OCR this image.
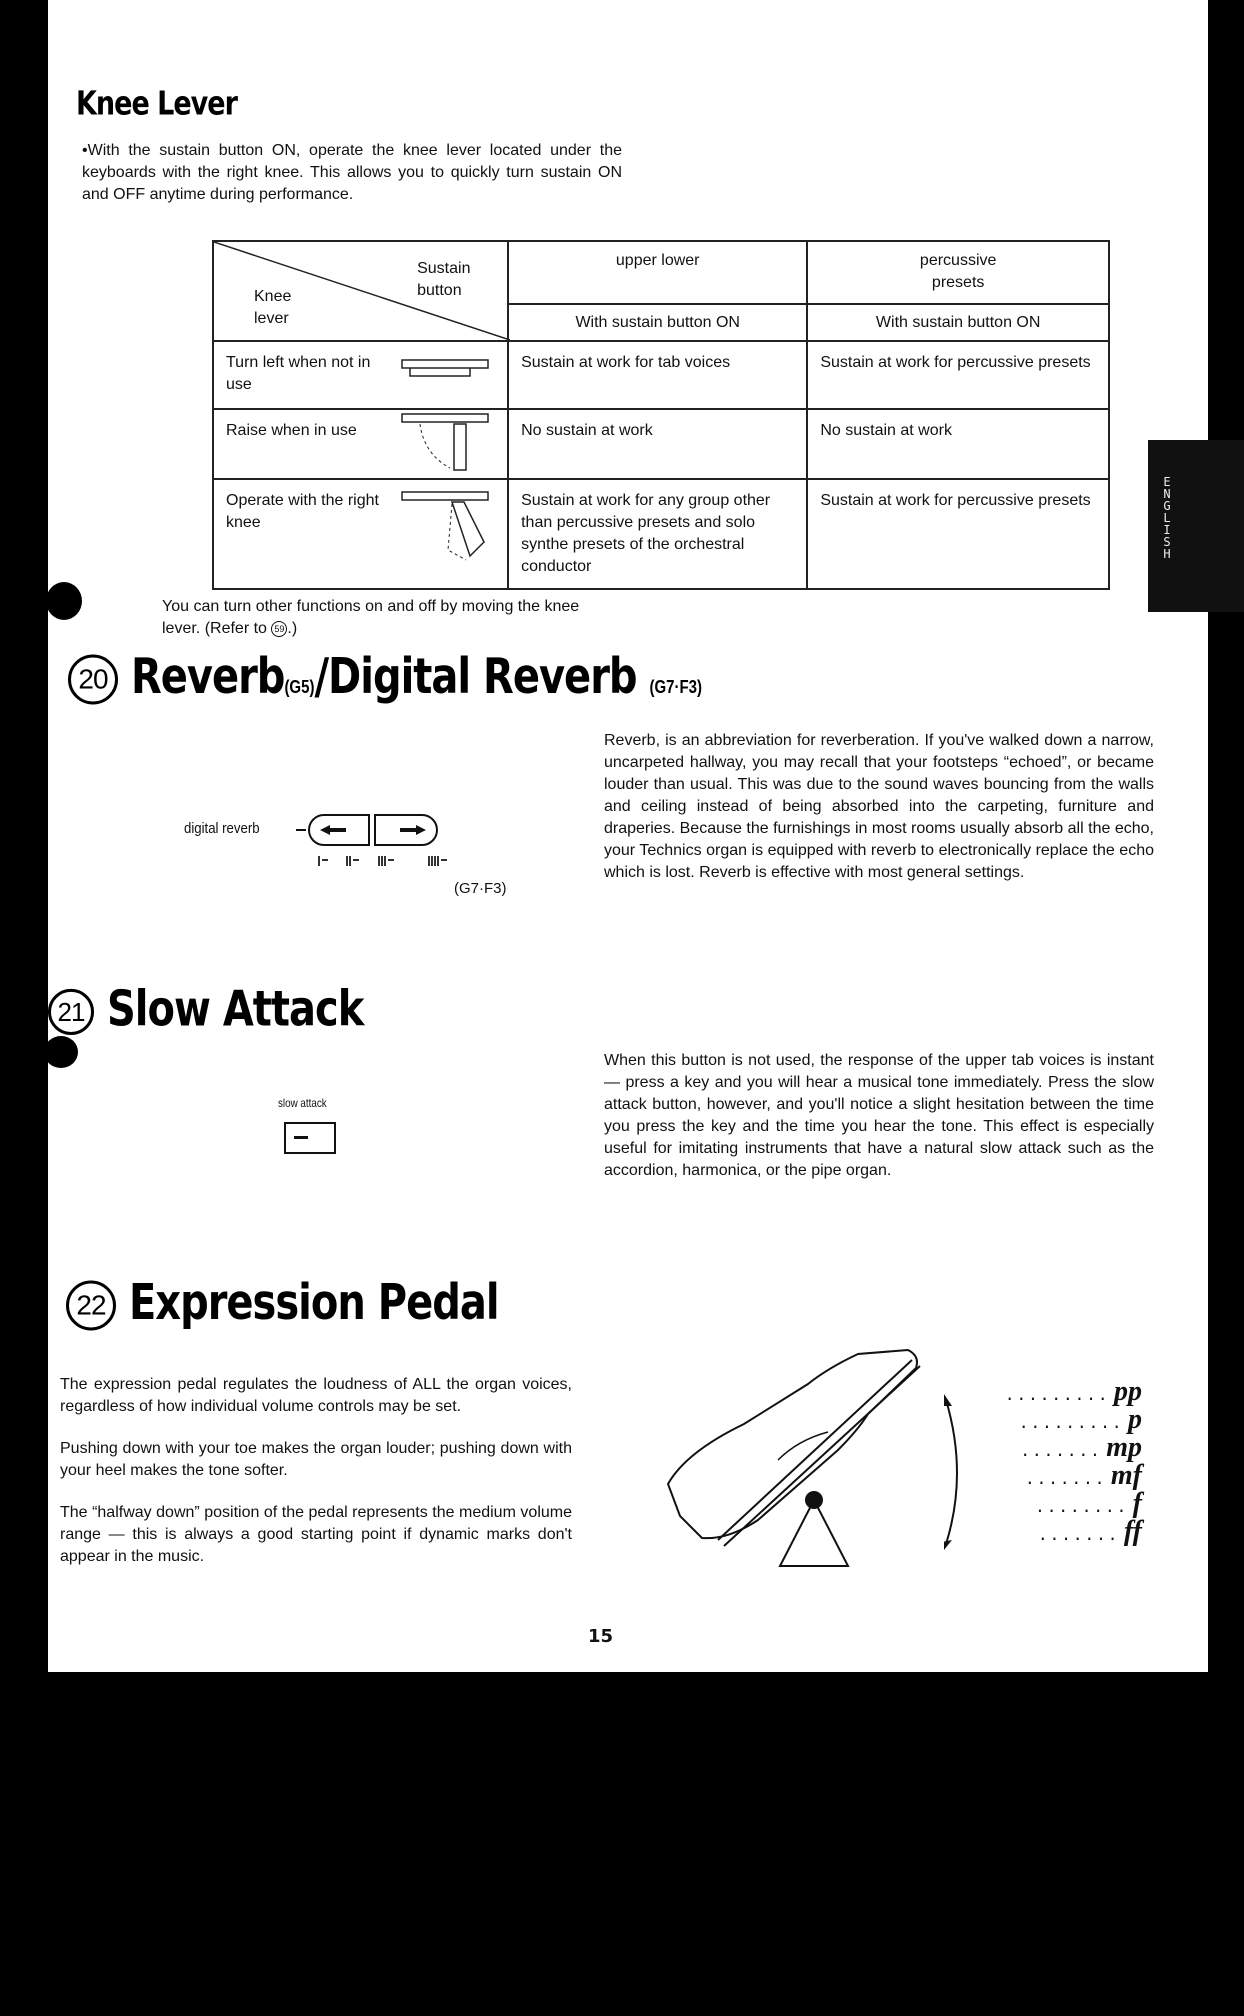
Knee Lever

•With the sustain button ON, operate the knee lever located under the keyboards with the right knee. This allows you to quickly turn sustain ON and OFF anytime during performance.

Sustain button
Knee lever	upper lower	percussive presets
	With sustain button ON	With sustain button ON

Turn left when not in use	Sustain at work for tab voices	Sustain at work for percussive presets

Raise when in use	No sustain at work	No sustain at work

Operate with the right knee	Sustain at work for any group other than percussive presets and solo synthe presets of the orchestral conductor	Sustain at work for percussive presets
You can turn other functions on and off by moving the knee
lever. (Refer to 59 .)
20 Reverb(G5)/Digital Reverb (G7·F3)
digital reverb
(G7·F3)

Reverb, is an abbreviation for reverberation. If you've walked down a narrow, uncarpeted hallway, you may recall that your footsteps “echoed”, or became louder than usual. This was due to the sound waves bouncing from the walls and ceiling instead of being absorbed into the carpeting, furniture and draperies. Because the furnishings in most rooms usually absorb all the echo, your Technics organ is equipped with reverb to electronically replace the echo which is lost. Reverb is effective with most general settings.

21 Slow Attack
slow attack

When this button is not used, the response of the upper tab voices is instant — press a key and you will hear a musical tone immediately. Press the slow attack button, however, and you'll notice a slight hesitation between the time you press the key and the time you hear the tone. This effect is especially useful for imitating instruments that have a natural slow attack such as the accordion, harmonica, or the pipe organ.

22 Expression Pedal

The expression pedal regulates the loudness of ALL the organ voices, regardless of how individual volume controls may be set.

Pushing down with your toe makes the organ louder; pushing down with your heel makes the tone softer.

The “halfway down” position of the pedal represents the medium volume range — this is always a good starting point if dynamic marks don't appear in the music.

......... pp
......... p
....... mp
....... mf
........ f
....... ff
15
E
N
G
L
I
S
H
